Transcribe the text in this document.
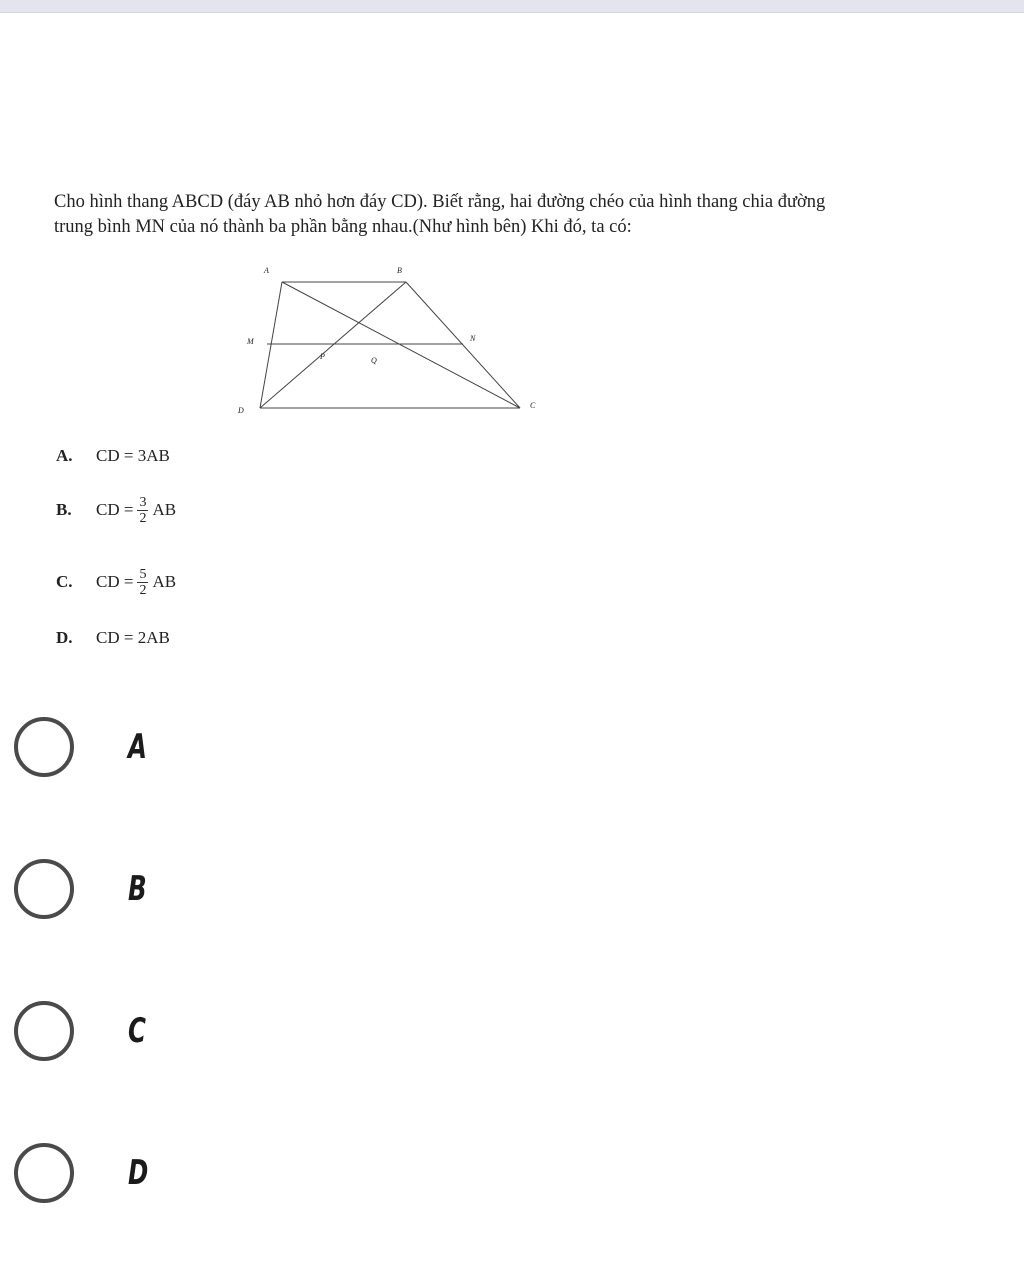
Cho hình thang ABCD (đáy AB nhỏ hơn đáy CD). Biết rằng, hai đường chéo của hình thang chia đường

trung bình MN của nó thành ba phần bằng nhau.(Như hình bên) Khi đó, ta có:

A	B
M	N
P	Q
D
C
A.	CD
=
3AB
B.	CD
= $\frac{3}{2}$ AB
C.	CD
= $\frac{5}{2}$ AB
D.	CD
=
2AB
A
B
C
D
